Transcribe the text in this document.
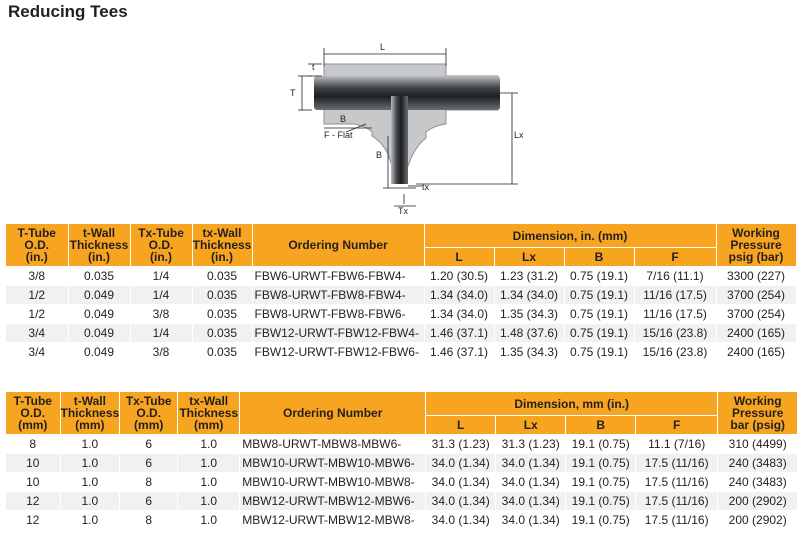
Reducing Tees
L
t
T
B
F - Flat
B
Lx
tx
Tx
T-Tube
O.D.
(in.)	t-Wall
Thickness
(in.)	Tx-Tube
O.D.
(in.)	tx-Wall
Thickness
(in.)	Ordering Number	Dimension, in. (mm)				Working
Pressure
psig (bar)
					L	Lx	B	F	
3/8	0.035	1/4	0.035	FBW6-URWT-FBW6-FBW4-	1.20 (30.5)	1.23 (31.2)	0.75 (19.1)	7/16 (11.1)	3300 (227)
1/2	0.049	1/4	0.035	FBW8-URWT-FBW8-FBW4-	1.34 (34.0)	1.34 (34.0)	0.75 (19.1)	11/16 (17.5)	3700 (254)
1/2	0.049	3/8	0.035	FBW8-URWT-FBW8-FBW6-	1.34 (34.0)	1.35 (34.3)	0.75 (19.1)	11/16 (17.5)	3700 (254)
3/4	0.049	1/4	0.035	FBW12-URWT-FBW12-FBW4-	1.46 (37.1)	1.48 (37.6)	0.75 (19.1)	15/16 (23.8)	2400 (165)
3/4	0.049	3/8	0.035	FBW12-URWT-FBW12-FBW6-	1.46 (37.1)	1.35 (34.3)	0.75 (19.1)	15/16 (23.8)	2400 (165)
T-Tube
O.D.
(mm)	t-Wall
Thickness
(mm)	Tx-Tube
O.D.
(mm)	tx-Wall
Thickness
(mm)	Ordering Number	Dimension, mm (in.)				Working
Pressure
bar (psig)
					L	Lx	B	F	
8	1.0	6	1.0	MBW8-URWT-MBW8-MBW6-	31.3 (1.23)	31.3 (1.23)	19.1 (0.75)	11.1 (7/16)	310 (4499)
10	1.0	6	1.0	MBW10-URWT-MBW10-MBW6-	34.0 (1.34)	34.0 (1.34)	19.1 (0.75)	17.5 (11/16)	240 (3483)
10	1.0	8	1.0	MBW10-URWT-MBW10-MBW8-	34.0 (1.34)	34.0 (1.34)	19.1 (0.75)	17.5 (11/16)	240 (3483)
12	1.0	6	1.0	MBW12-URWT-MBW12-MBW6-	34.0 (1.34)	34.0 (1.34)	19.1 (0.75)	17.5 (11/16)	200 (2902)
12	1.0	8	1.0	MBW12-URWT-MBW12-MBW8-	34.0 (1.34)	34.0 (1.34)	19.1 (0.75)	17.5 (11/16)	200 (2902)
